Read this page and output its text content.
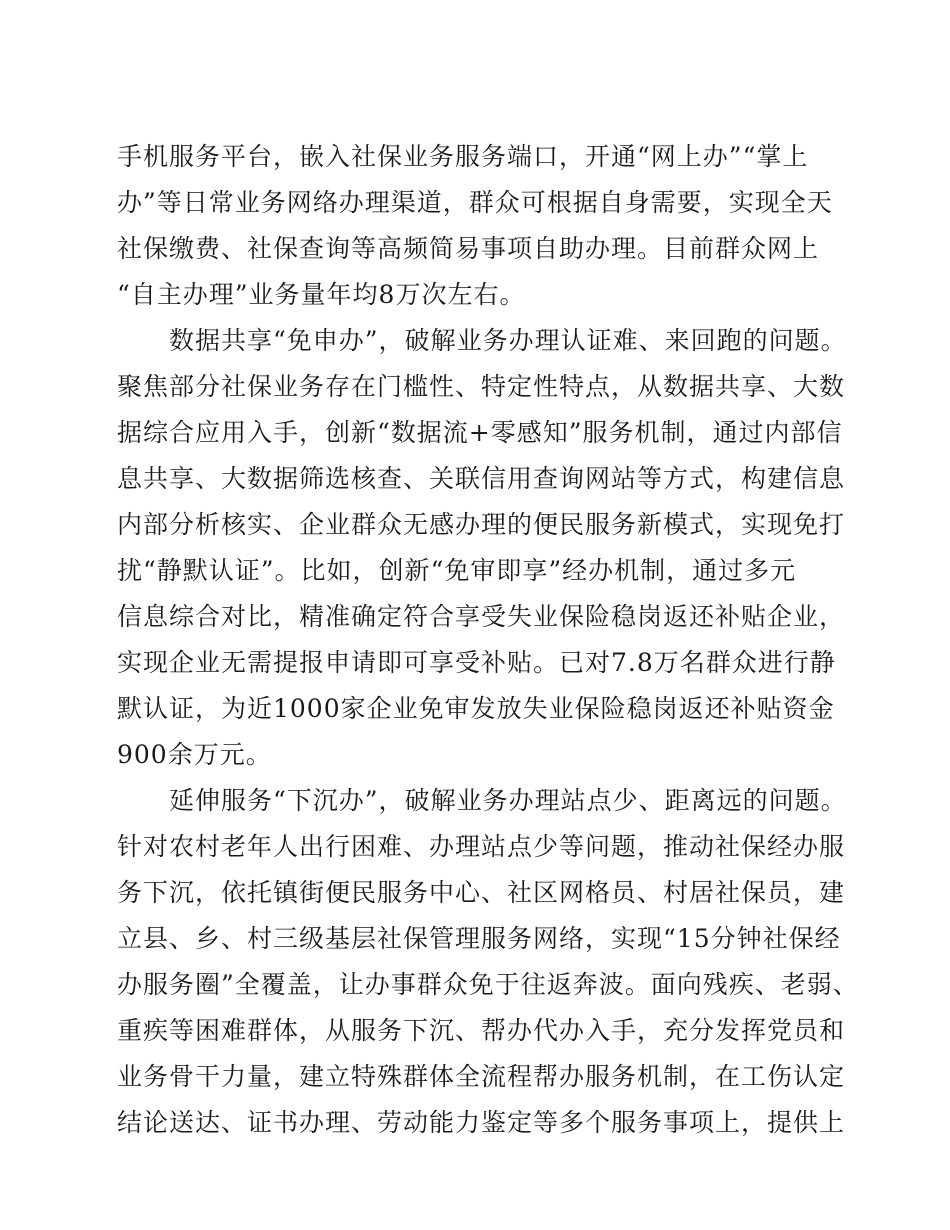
手机服务平台，嵌入社保业务服务端口，开通“网上办”“掌上
办”等日常业务网络办理渠道，群众可根据自身需要，实现全天
社保缴费、社保查询等高频简易事项自助办理。目前群众网上
“自主办理”业务量年均8万次左右。
　　数据共享“免申办”，破解业务办理认证难、来回跑的问题。
聚焦部分社保业务存在门槛性、特定性特点，从数据共享、大数
据综合应用入手，创新“数据流+零感知”服务机制，通过内部信
息共享、大数据筛选核查、关联信用查询网站等方式，构建信息
内部分析核实、企业群众无感办理的便民服务新模式，实现免打
扰“静默认证”。比如，创新“免审即享”经办机制，通过多元
信息综合对比，精准确定符合享受失业保险稳岗返还补贴企业，
实现企业无需提报申请即可享受补贴。已对7.8万名群众进行静
默认证，为近1000家企业免审发放失业保险稳岗返还补贴资金
900余万元。
　　延伸服务“下沉办”，破解业务办理站点少、距离远的问题。
针对农村老年人出行困难、办理站点少等问题，推动社保经办服
务下沉，依托镇街便民服务中心、社区网格员、村居社保员，建
立县、乡、村三级基层社保管理服务网络，实现“15分钟社保经
办服务圈”全覆盖，让办事群众免于往返奔波。面向残疾、老弱、
重疾等困难群体，从服务下沉、帮办代办入手，充分发挥党员和
业务骨干力量，建立特殊群体全流程帮办服务机制，在工伤认定
结论送达、证书办理、劳动能力鉴定等多个服务事项上，提供上
